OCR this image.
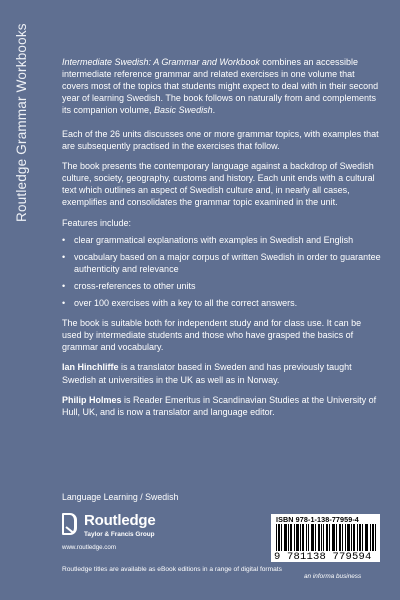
Routledge Grammar Workbooks	Intermediate Swedish: A Grammar and Workbook combines an accessible intermediate reference grammar and related exercises in one volume that covers most of the topics that students might expect to deal with in their second year of learning Swedish. The book follows on naturally from and complements its companion volume, Basic Swedish.

Each of the 26 units discusses one or more grammar topics, with examples that are subsequently practised in the exercises that follow.

The book presents the contemporary language against a backdrop of Swedish culture, society, geography, customs and history. Each unit ends with a cultural text which outlines an aspect of Swedish culture and, in nearly all cases, exemplifies and consolidates the grammar topic examined in the unit.

Features include:

• clear grammatical explanations with examples in Swedish and English
• vocabulary based on a major corpus of written Swedish in order to guarantee authenticity and relevance
• cross-references to other units
• over 100 exercises with a key to all the correct answers.

The book is suitable both for independent study and for class use. It can be used by intermediate students and those who have grasped the basics of grammar and vocabulary.

Ian Hinchliffe is a translator based in Sweden and has previously taught Swedish at universities in the UK as well as in Norway.

Philip Holmes is Reader Emeritus in Scandinavian Studies at the University of Hull, UK, and is now a translator and language editor.

Language Learning / Swedish
Routledge
Taylor & Francis Group
www.routledge.com
Routledge titles are available as eBook editions in a range of digital formats
ISBN 978-1-138-77959-4
9 781138 779594
an informa business
